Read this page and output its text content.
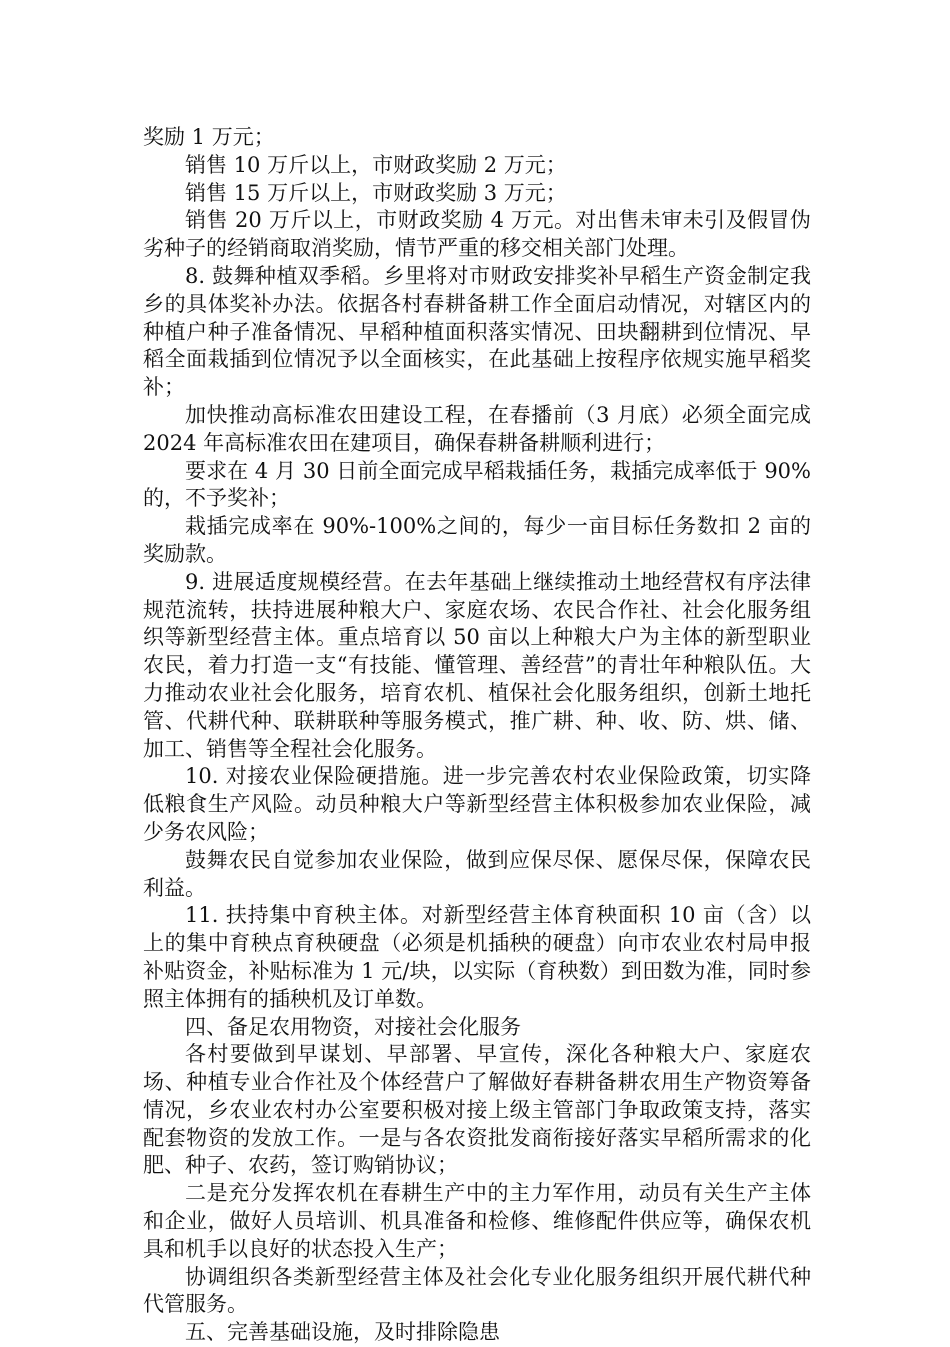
奖励 1 万元；

销售 10 万斤以上，市财政奖励 2 万元；

销售 15 万斤以上，市财政奖励 3 万元；

销售 20 万斤以上，市财政奖励 4 万元。对出售未审未引及假冒伪劣种子的经销商取消奖励，情节严重的移交相关部门处理。

8. 鼓舞种植双季稻。乡里将对市财政安排奖补早稻生产资金制定我乡的具体奖补办法。依据各村春耕备耕工作全面启动情况，对辖区内的种植户种子准备情况、早稻种植面积落实情况、田块翻耕到位情况、早稻全面栽插到位情况予以全面核实，在此基础上按程序依规实施早稻奖补；

加快推动高标准农田建设工程，在春播前（3 月底）必须全面完成 2024 年高标准农田在建项目，确保春耕备耕顺利进行；

要求在 4 月 30 日前全面完成早稻栽插任务，栽插完成率低于 90%的，不予奖补；

栽插完成率在 90%-100%之间的，每少一亩目标任务数扣 2 亩的奖励款。

9. 进展适度规模经营。在去年基础上继续推动土地经营权有序法律规范流转，扶持进展种粮大户、家庭农场、农民合作社、社会化服务组织等新型经营主体。重点培育以 50 亩以上种粮大户为主体的新型职业农民，着力打造一支“有技能、懂管理、善经营”的青壮年种粮队伍。大力推动农业社会化服务，培育农机、植保社会化服务组织，创新土地托管、代耕代种、联耕联种等服务模式，推广耕、种、收、防、烘、储、加工、销售等全程社会化服务。

10. 对接农业保险硬措施。进一步完善农村农业保险政策，切实降低粮食生产风险。动员种粮大户等新型经营主体积极参加农业保险，减少务农风险；

鼓舞农民自觉参加农业保险，做到应保尽保、愿保尽保，保障农民利益。

11. 扶持集中育秧主体。对新型经营主体育秧面积 10 亩（含）以上的集中育秧点育秧硬盘（必须是机插秧的硬盘）向市农业农村局申报补贴资金，补贴标准为 1 元/块，以实际（育秧数）到田数为准，同时参照主体拥有的插秧机及订单数。

四、备足农用物资，对接社会化服务

各村要做到早谋划、早部署、早宣传，深化各种粮大户、家庭农场、种植专业合作社及个体经营户了解做好春耕备耕农用生产物资筹备情况，乡农业农村办公室要积极对接上级主管部门争取政策支持，落实配套物资的发放工作。一是与各农资批发商衔接好落实早稻所需求的化肥、种子、农药，签订购销协议；

二是充分发挥农机在春耕生产中的主力军作用，动员有关生产主体和企业，做好人员培训、机具准备和检修、维修配件供应等，确保农机具和机手以良好的状态投入生产；

协调组织各类新型经营主体及社会化专业化服务组织开展代耕代种代管服务。

五、完善基础设施，及时排除隐患
